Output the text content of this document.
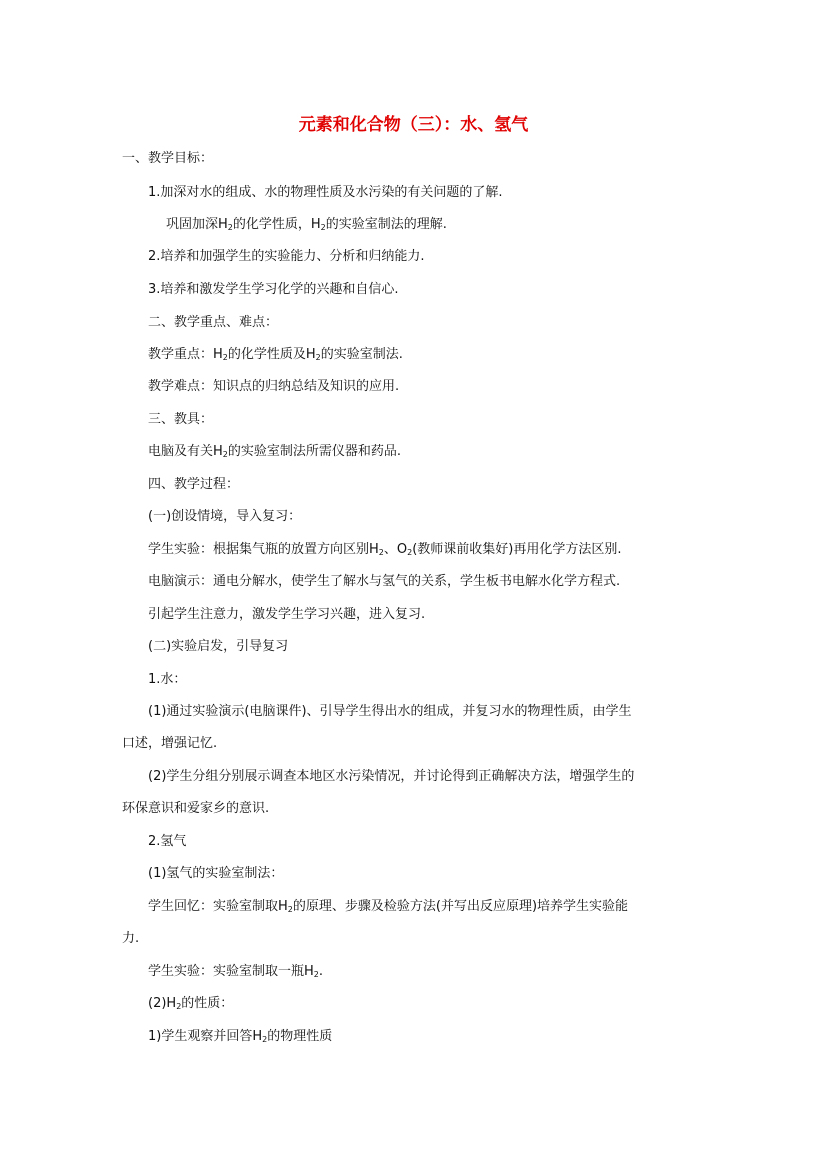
元素和化合物（三）：水、氢气
一、教学目标：
1.加深对水的组成、水的物理性质及水污染的有关问题的了解.
巩固加深$H_2$的化学性质，$H_2$的实验室制法的理解.
2.培养和加强学生的实验能力、分析和归纳能力.
3.培养和激发学生学习化学的兴趣和自信心.
二、教学重点、难点：
教学重点：$H_2$的化学性质及$H_2$的实验室制法.
教学难点：知识点的归纳总结及知识的应用.
三、教具：
电脑及有关$H_2$的实验室制法所需仪器和药品.
四、教学过程：
(一)创设情境，导入复习：
学生实验：根据集气瓶的放置方向区别$H_2$、$O_2$(教师课前收集好)再用化学方法区别.
电脑演示：通电分解水，使学生了解水与氢气的关系，学生板书电解水化学方程式.
引起学生注意力，激发学生学习兴趣，进入复习.
(二)实验启发，引导复习
1.水：
(1)通过实验演示(电脑课件)、引导学生得出水的组成，并复习水的物理性质，由学生
口述，增强记忆.
(2)学生分组分别展示调查本地区水污染情况，并讨论得到正确解决方法，增强学生的
环保意识和爱家乡的意识.
2.氢气
(1)氢气的实验室制法：
学生回忆：实验室制取$H_2$的原理、步骤及检验方法(并写出反应原理)培养学生实验能
力.
学生实验：实验室制取一瓶$H_2$.
$(2)H_2$的性质：
1)学生观察并回答$H_2$的物理性质
